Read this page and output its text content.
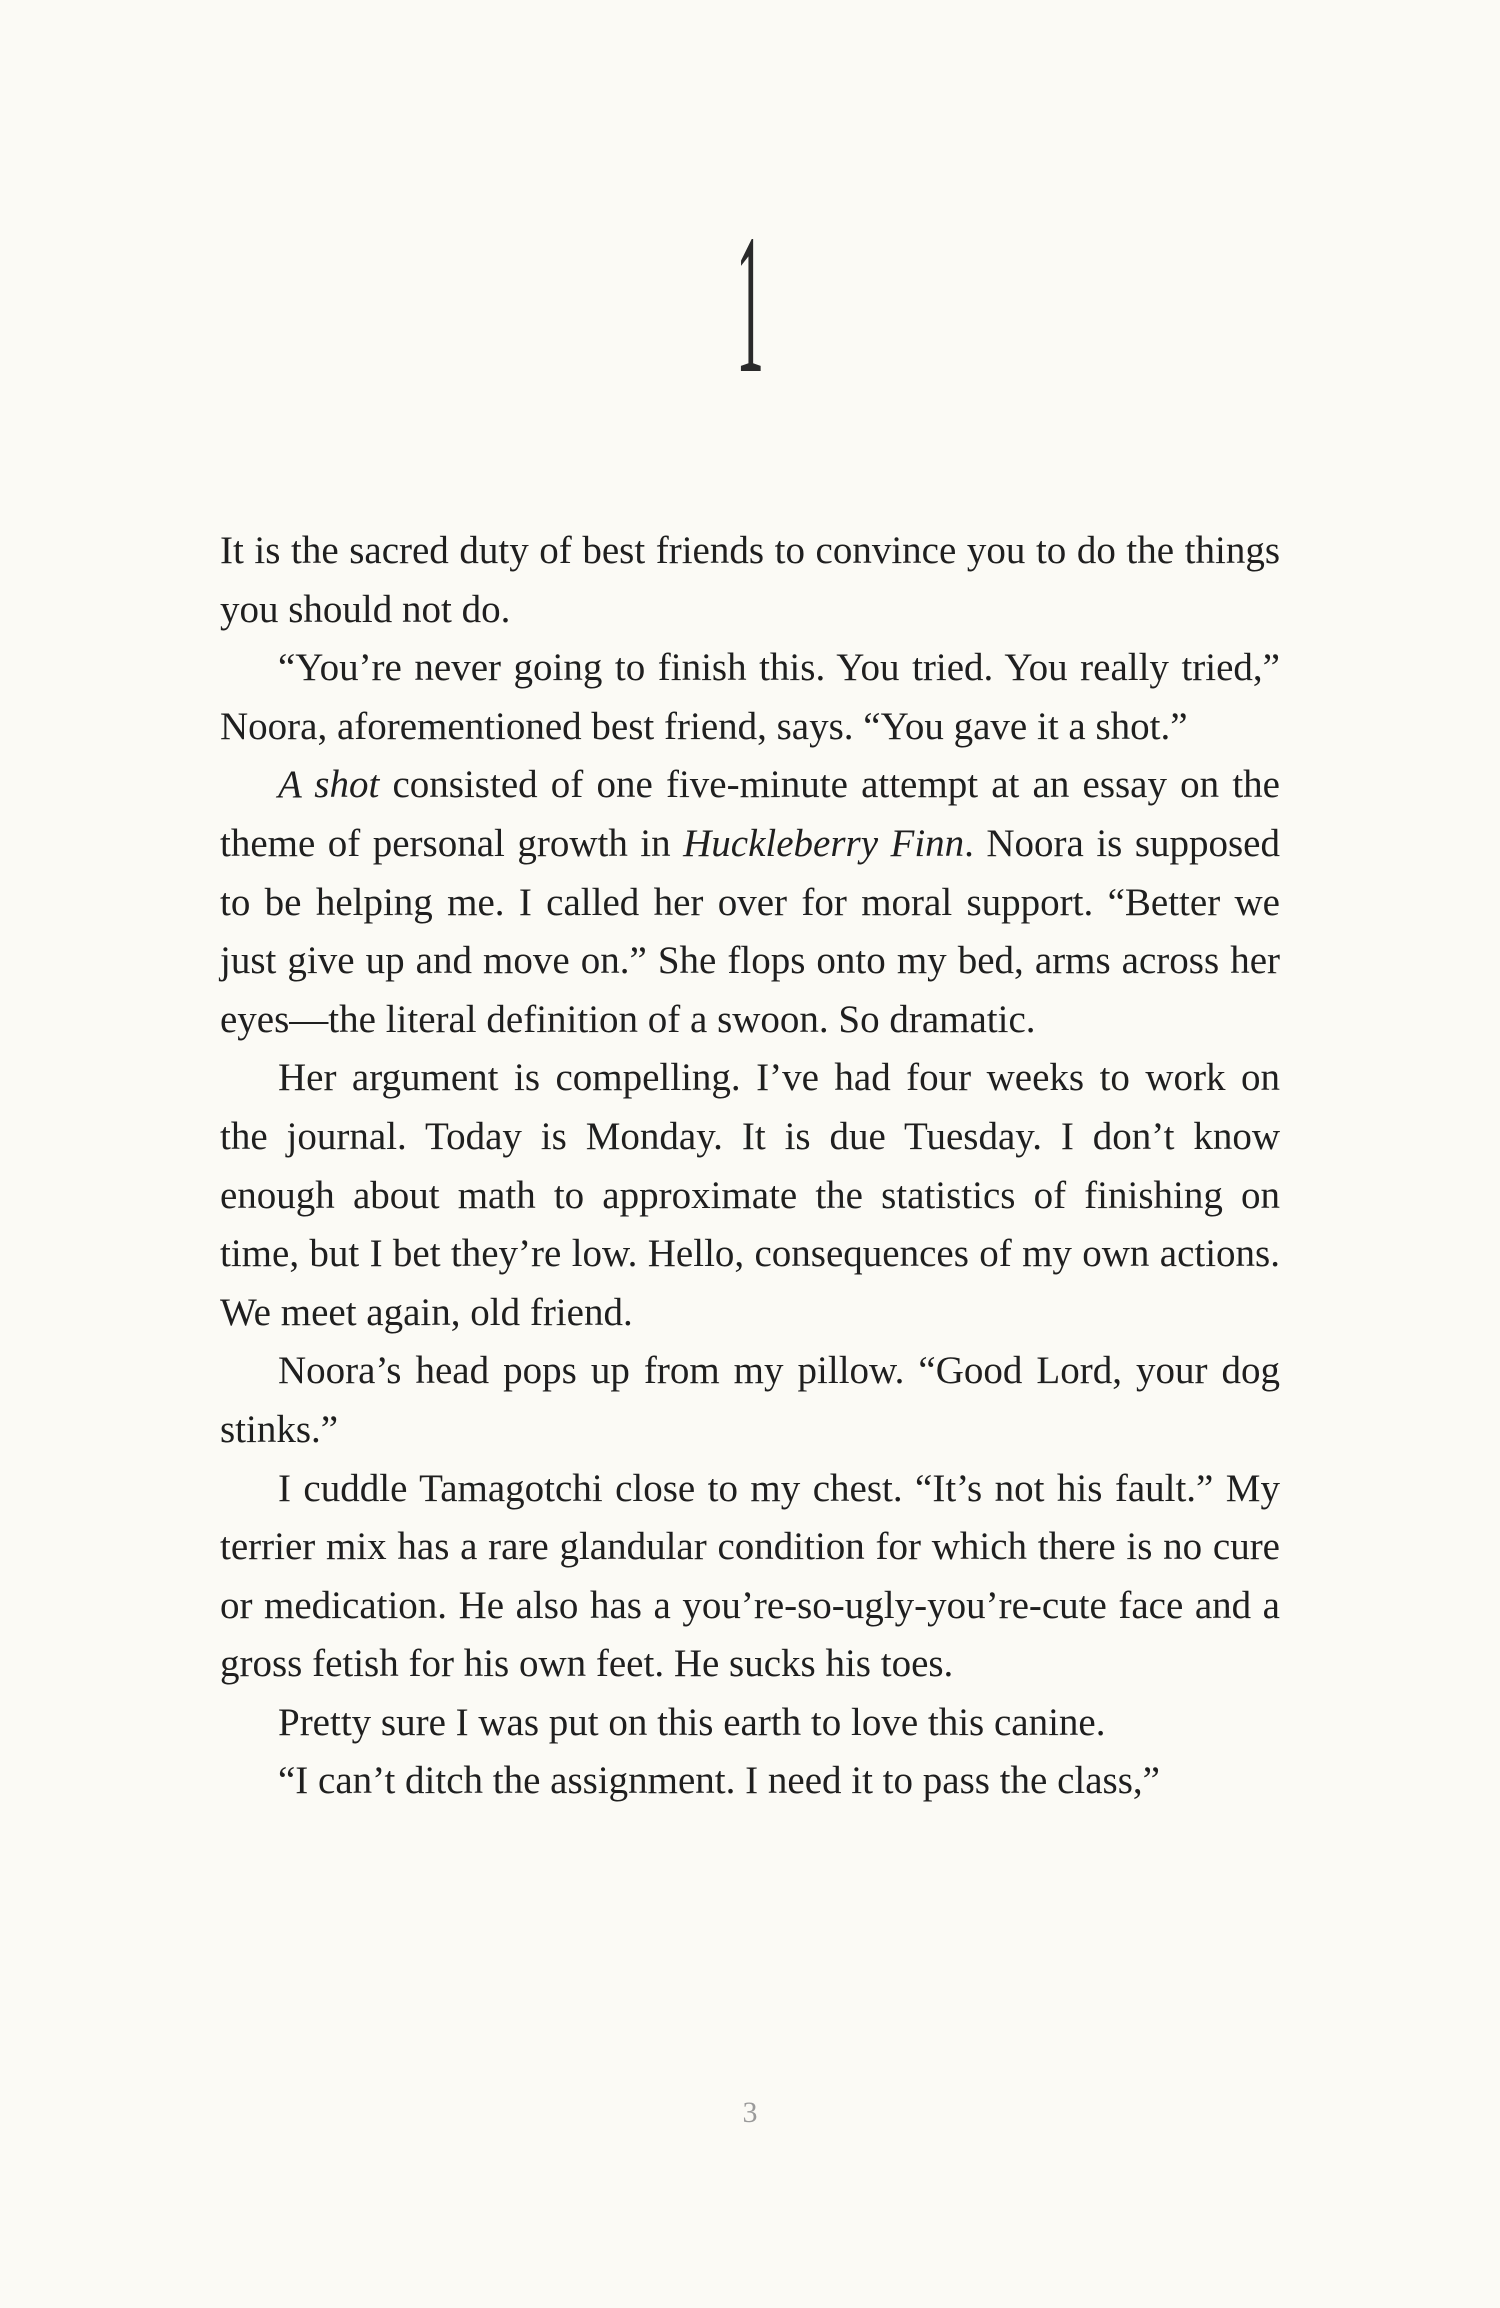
1

It is the sacred duty of best friends to convince you to do the things you should not do.

“You’re never going to finish this. You tried. You really tried,” Noora, aforementioned best friend, says. “You gave it a shot.”

A shot consisted of one five-minute attempt at an essay on the theme of personal growth in Huckleberry Finn. Noora is supposed to be helping me. I called her over for moral support. “Better we just give up and move on.” She flops onto my bed, arms across her eyes—the literal definition of a swoon. So dramatic.

Her argument is compelling. I’ve had four weeks to work on the journal. Today is Monday. It is due Tuesday. I don’t know enough about math to approximate the statistics of finishing on time, but I bet they’re low. Hello, consequences of my own actions. We meet again, old friend.

Noora’s head pops up from my pillow. “Good Lord, your dog stinks.”

I cuddle Tamagotchi close to my chest. “It’s not his fault.” My terrier mix has a rare glandular condition for which there is no cure or medication. He also has a you’re-so-ugly-you’re-cute face and a gross fetish for his own feet. He sucks his toes.

Pretty sure I was put on this earth to love this canine.

“I can’t ditch the assignment. I need it to pass the class,”

3
